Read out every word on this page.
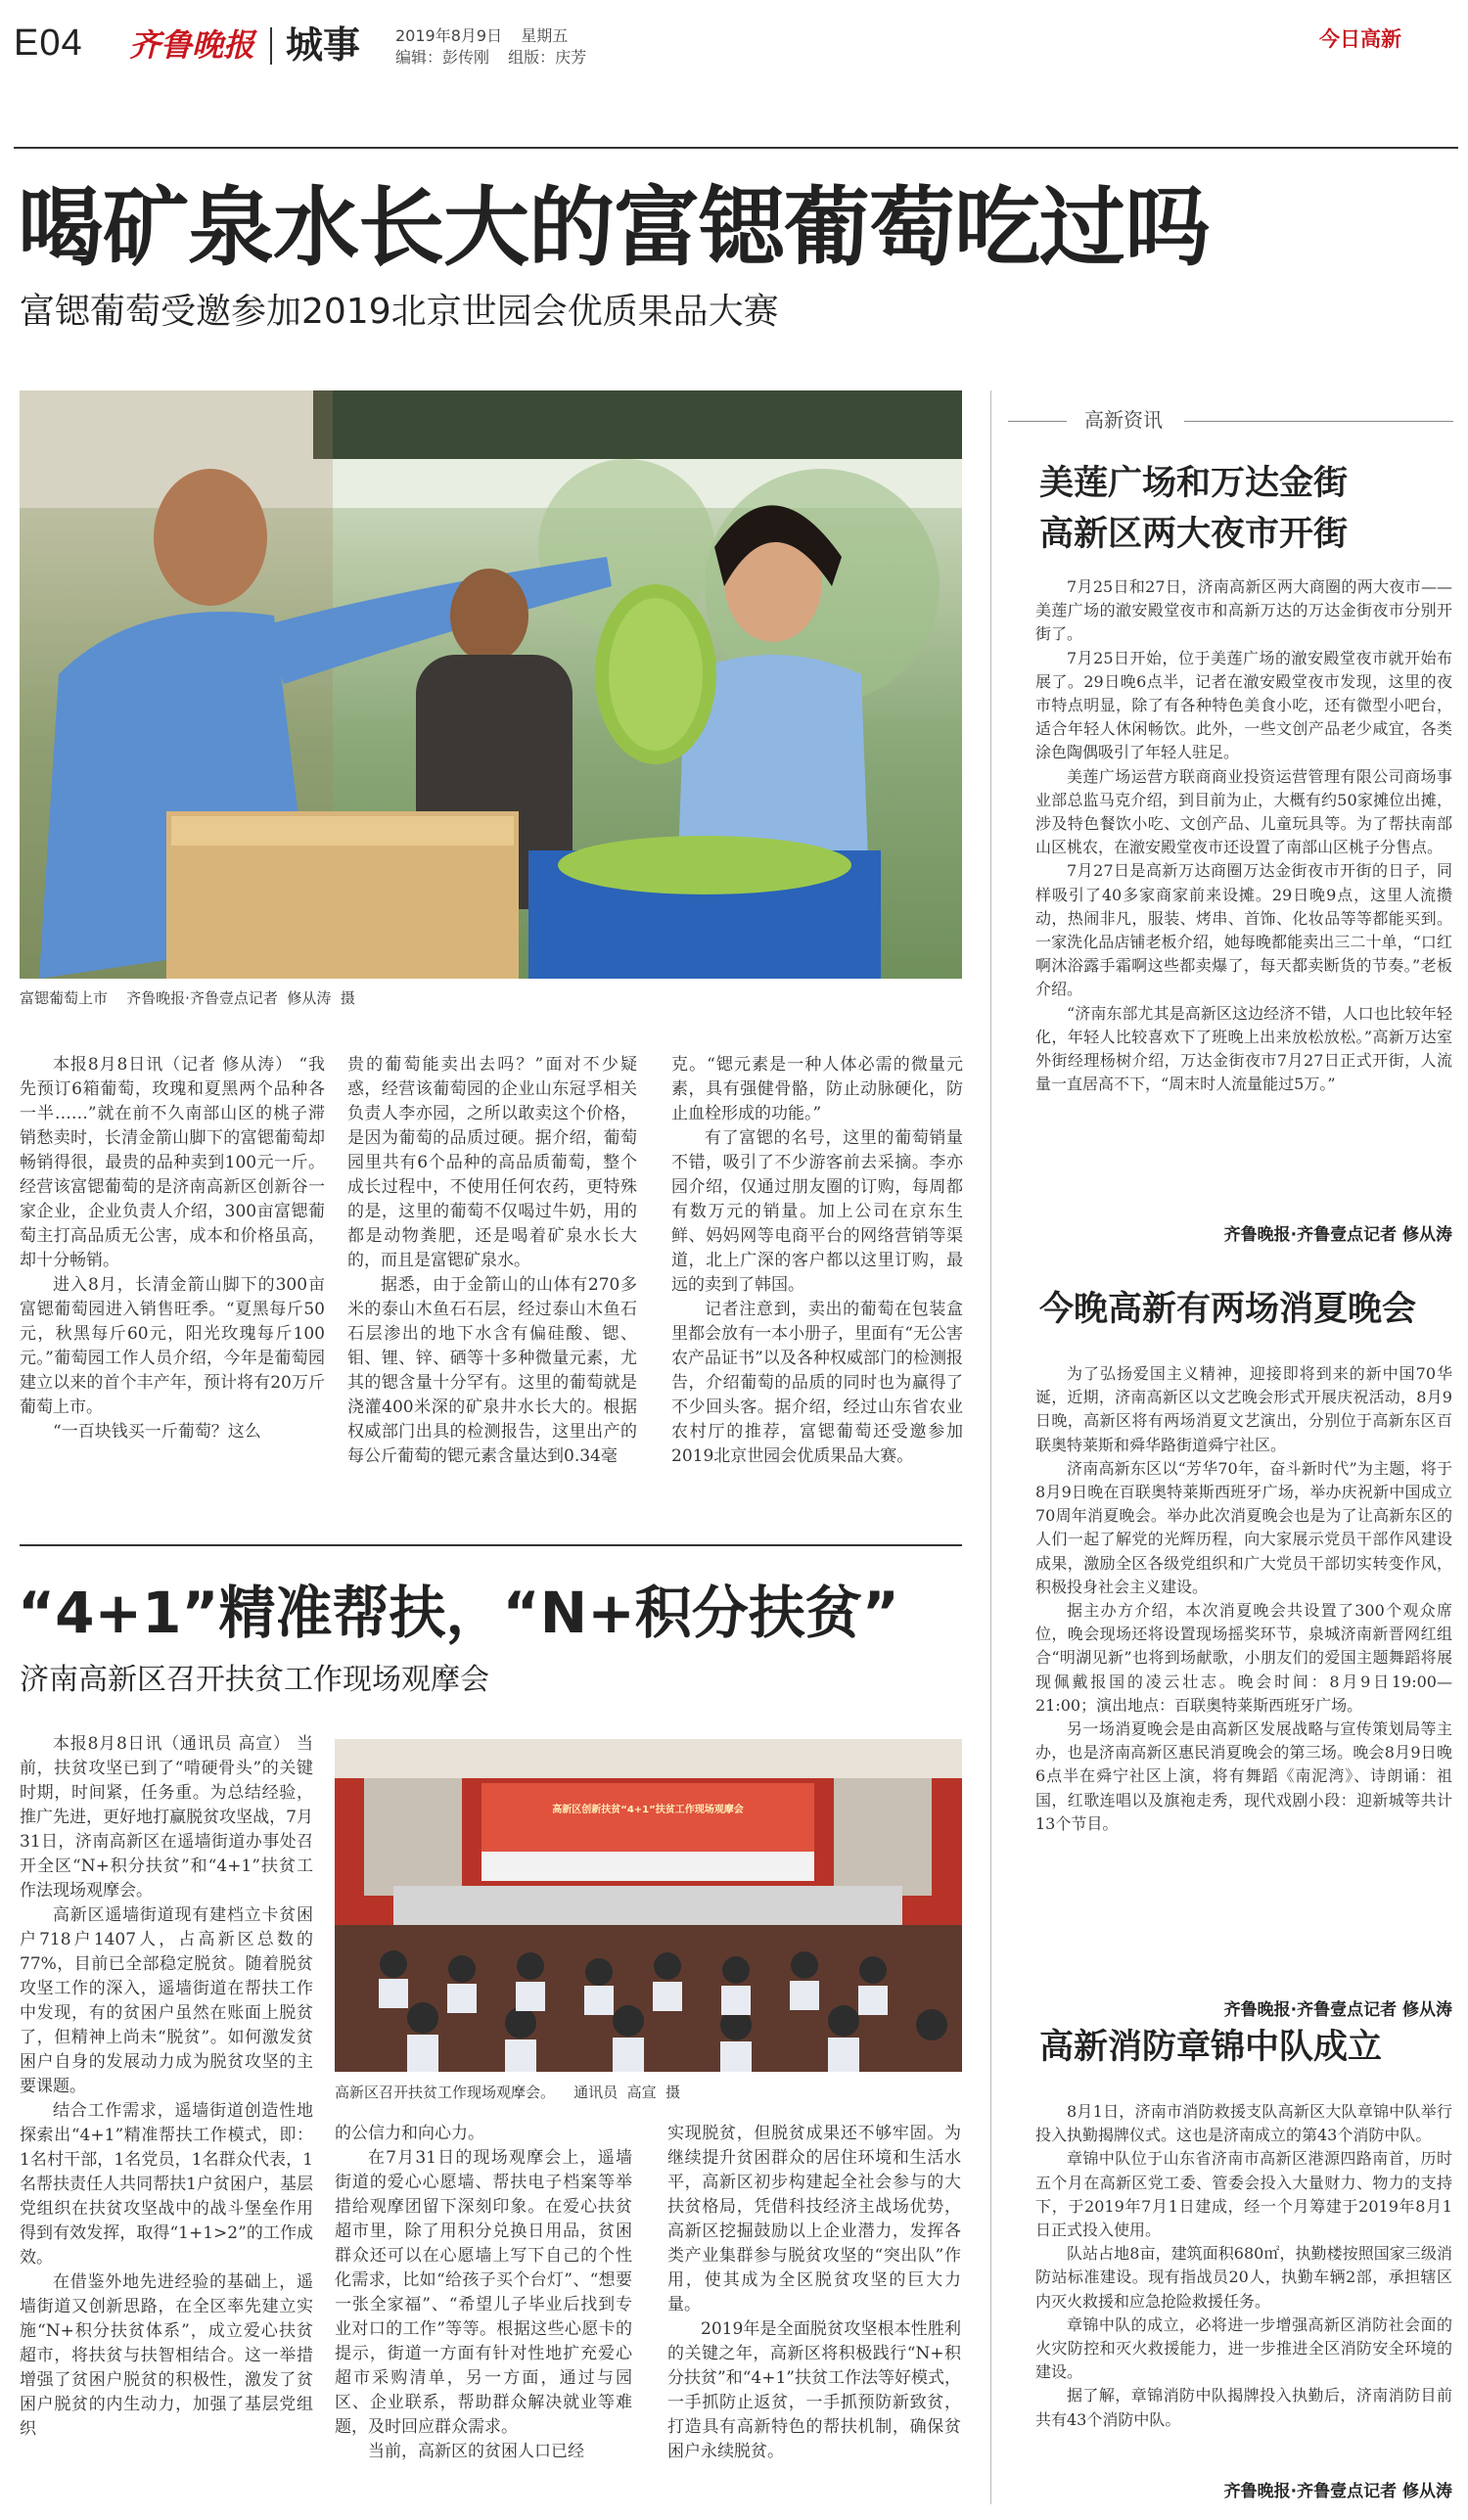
E04 齐鲁晚报 城事 2019年8月9日 星期五
编辑：彭传刚 组版：庆芳
今日高新
喝矿泉水长大的富锶葡萄吃过吗
富锶葡萄受邀参加2019北京世园会优质果品大赛
富锶葡萄上市    齐鲁晚报·齐鲁壹点记者  修从涛  摄

本报8月8日讯（记者 修从涛） “我先预订6箱葡萄，玫瑰和夏黑两个品种各一半……”就在前不久南部山区的桃子滞销愁卖时，长清金箭山脚下的富锶葡萄却畅销得很，最贵的品种卖到100元一斤。经营该富锶葡萄的是济南高新区创新谷一家企业，企业负责人介绍，300亩富锶葡萄主打高品质无公害，成本和价格虽高，却十分畅销。

进入8月，长清金箭山脚下的300亩富锶葡萄园进入销售旺季。“夏黑每斤50元，秋黑每斤60元，阳光玫瑰每斤100元。”葡萄园工作人员介绍，今年是葡萄园建立以来的首个丰产年，预计将有20万斤葡萄上市。

“一百块钱买一斤葡萄？这么

贵的葡萄能卖出去吗？”面对不少疑惑，经营该葡萄园的企业山东冠孚相关负责人李亦园，之所以敢卖这个价格，是因为葡萄的品质过硬。据介绍，葡萄园里共有6个品种的高品质葡萄，整个成长过程中，不使用任何农药，更特殊的是，这里的葡萄不仅喝过牛奶，用的都是动物粪肥，还是喝着矿泉水长大的，而且是富锶矿泉水。

据悉，由于金箭山的山体有270多米的泰山木鱼石石层，经过泰山木鱼石石层渗出的地下水含有偏硅酸、锶、钼、锂、锌、硒等十多种微量元素，尤其的锶含量十分罕有。这里的葡萄就是浇灌400米深的矿泉井水长大的。根据权威部门出具的检测报告，这里出产的每公斤葡萄的锶元素含量达到0.34毫

克。“锶元素是一种人体必需的微量元素，具有强健骨骼，防止动脉硬化，防止血栓形成的功能。”

有了富锶的名号，这里的葡萄销量不错，吸引了不少游客前去采摘。李亦园介绍，仅通过朋友圈的订购，每周都有数万元的销量。加上公司在京东生鲜、妈妈网等电商平台的网络营销等渠道，北上广深的客户都以这里订购，最远的卖到了韩国。

记者注意到，卖出的葡萄在包装盒里都会放有一本小册子，里面有“无公害农产品证书”以及各种权威部门的检测报告，介绍葡萄的品质的同时也为赢得了不少回头客。据介绍，经过山东省农业农村厅的推荐，富锶葡萄还受邀参加2019北京世园会优质果品大赛。

“4+1”精准帮扶，“N+积分扶贫”
济南高新区召开扶贫工作现场观摩会

本报8月8日讯（通讯员 高宣） 当前，扶贫攻坚已到了“啃硬骨头”的关键时期，时间紧，任务重。为总结经验，推广先进，更好地打赢脱贫攻坚战，7月31日，济南高新区在遥墙街道办事处召开全区“N+积分扶贫”和“4+1”扶贫工作法现场观摩会。

高新区遥墙街道现有建档立卡贫困户718户1407人，占高新区总数的77%，目前已全部稳定脱贫。随着脱贫攻坚工作的深入，遥墙街道在帮扶工作中发现，有的贫困户虽然在账面上脱贫了，但精神上尚未“脱贫”。如何激发贫困户自身的发展动力成为脱贫攻坚的主要课题。

结合工作需求，遥墙街道创造性地探索出“4+1”精准帮扶工作模式，即：1名村干部，1名党员，1名群众代表，1名帮扶责任人共同帮扶1户贫困户，基层党组织在扶贫攻坚战中的战斗堡垒作用得到有效发挥，取得“1+1>2”的工作成效。

在借鉴外地先进经验的基础上，遥墙街道又创新思路，在全区率先建立实施“N+积分扶贫体系”，成立爱心扶贫超市，将扶贫与扶智相结合。这一举措增强了贫困户脱贫的积极性，激发了贫困户脱贫的内生动力，加强了基层党组织

高新区创新扶贫“4+1”扶贫工作现场观摩会
高新区召开扶贫工作现场观摩会。    通讯员  高宣  摄

的公信力和向心力。

在7月31日的现场观摩会上，遥墙街道的爱心心愿墙、帮扶电子档案等举措给观摩团留下深刻印象。在爱心扶贫超市里，除了用积分兑换日用品，贫困群众还可以在心愿墙上写下自己的个性化需求，比如“给孩子买个台灯”、“想要一张全家福”、“希望儿子毕业后找到专业对口的工作”等等。根据这些心愿卡的提示，街道一方面有针对性地扩充爱心超市采购清单，另一方面，通过与园区、企业联系，帮助群众解决就业等难题，及时回应群众需求。

当前，高新区的贫困人口已经

实现脱贫，但脱贫成果还不够牢固。为继续提升贫困群众的居住环境和生活水平，高新区初步构建起全社会参与的大扶贫格局，凭借科技经济主战场优势，高新区挖掘鼓励以上企业潜力，发挥各类产业集群参与脱贫攻坚的“突出队”作用，使其成为全区脱贫攻坚的巨大力量。

2019年是全面脱贫攻坚根本性胜利的关键之年，高新区将积极践行“N+积分扶贫”和“4+1”扶贫工作法等好模式，一手抓防止返贫，一手抓预防新致贫，打造具有高新特色的帮扶机制，确保贫困户永续脱贫。

高新资讯
美莲广场和万达金街
高新区两大夜市开街

7月25日和27日，济南高新区两大商圈的两大夜市——美莲广场的澈安殿堂夜市和高新万达的万达金街夜市分别开街了。

7月25日开始，位于美莲广场的澈安殿堂夜市就开始布展了。29日晚6点半，记者在澈安殿堂夜市发现，这里的夜市特点明显，除了有各种特色美食小吃，还有微型小吧台，适合年轻人休闲畅饮。此外，一些文创产品老少咸宜，各类涂色陶偶吸引了年轻人驻足。

美莲广场运营方联商商业投资运营管理有限公司商场事业部总监马克介绍，到目前为止，大概有约50家摊位出摊，涉及特色餐饮小吃、文创产品、儿童玩具等。为了帮扶南部山区桃农，在澈安殿堂夜市还设置了南部山区桃子分售点。

7月27日是高新万达商圈万达金街夜市开街的日子，同样吸引了40多家商家前来设摊。29日晚9点，这里人流攒动，热闹非凡，服装、烤串、首饰、化妆品等等都能买到。一家洗化品店铺老板介绍，她每晚都能卖出三二十单，“口红啊沐浴露手霜啊这些都卖爆了，每天都卖断货的节奏。”老板介绍。

“济南东部尤其是高新区这边经济不错，人口也比较年轻化，年轻人比较喜欢下了班晚上出来放松放松。”高新万达室外街经理杨树介绍，万达金街夜市7月27日正式开街，人流量一直居高不下，“周末时人流量能过5万。”

齐鲁晚报·齐鲁壹点记者 修从涛
今晚高新有两场消夏晚会

为了弘扬爱国主义精神，迎接即将到来的新中国70华诞，近期，济南高新区以文艺晚会形式开展庆祝活动，8月9日晚，高新区将有两场消夏文艺演出，分别位于高新东区百联奥特莱斯和舜华路街道舜宁社区。

济南高新东区以“芳华70年，奋斗新时代”为主题，将于8月9日晚在百联奥特莱斯西班牙广场，举办庆祝新中国成立70周年消夏晚会。举办此次消夏晚会也是为了让高新东区的人们一起了解党的光辉历程，向大家展示党员干部作风建设成果，激励全区各级党组织和广大党员干部切实转变作风，积极投身社会主义建设。

据主办方介绍，本次消夏晚会共设置了300个观众席位，晚会现场还将设置现场摇奖环节，泉城济南新晋网红组合“明湖见新”也将到场献歌，小朋友们的爱国主题舞蹈将展现佩戴报国的凌云壮志。晚会时间：8月9日19:00—21:00；演出地点：百联奥特莱斯西班牙广场。

另一场消夏晚会是由高新区发展战略与宣传策划局等主办，也是济南高新区惠民消夏晚会的第三场。晚会8月9日晚6点半在舜宁社区上演，将有舞蹈《南泥湾》、诗朗诵：祖国，红歌连唱以及旗袍走秀，现代戏剧小段：迎新城等共计13个节目。

齐鲁晚报·齐鲁壹点记者 修从涛
高新消防章锦中队成立

8月1日，济南市消防救援支队高新区大队章锦中队举行投入执勤揭牌仪式。这也是济南成立的第43个消防中队。

章锦中队位于山东省济南市高新区港源四路南首，历时五个月在高新区党工委、管委会投入大量财力、物力的支持下，于2019年7月1日建成，经一个月筹建于2019年8月1日正式投入使用。

队站占地8亩，建筑面积680㎡，执勤楼按照国家三级消防站标准建设。现有指战员20人，执勤车辆2部，承担辖区内灭火救援和应急抢险救援任务。

章锦中队的成立，必将进一步增强高新区消防社会面的火灾防控和灭火救援能力，进一步推进全区消防安全环境的建设。

据了解，章锦消防中队揭牌投入执勤后，济南消防目前共有43个消防中队。

齐鲁晚报·齐鲁壹点记者 修从涛
